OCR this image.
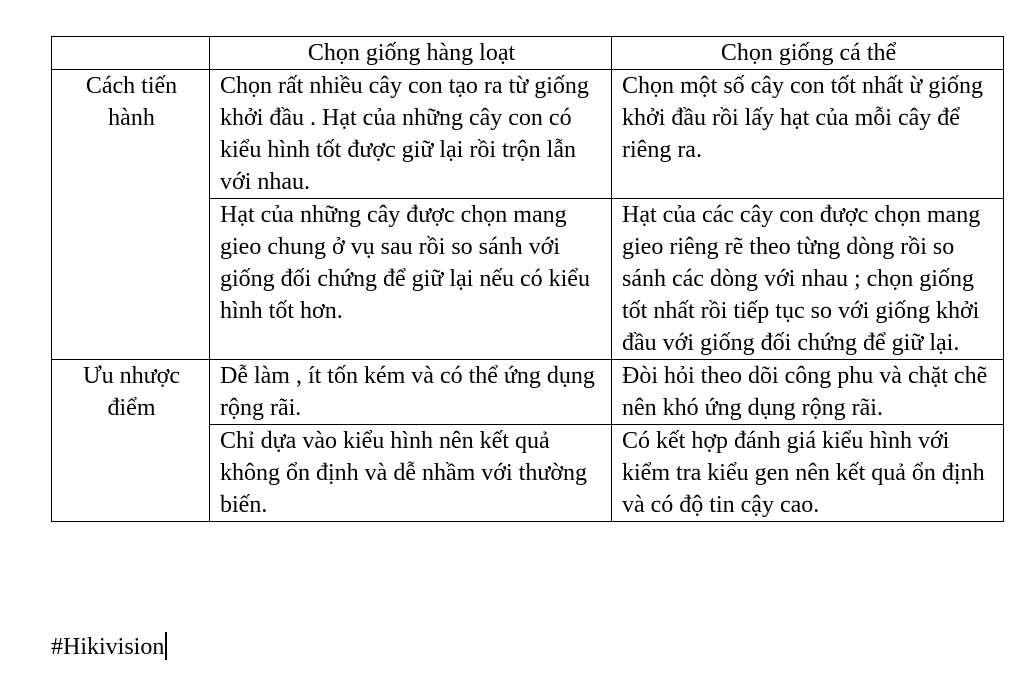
	Chọn giống hàng loạt	Chọn giống cá thể

Cách tiến
hành	Chọn rất nhiều cây con tạo ra từ giống khởi đầu . Hạt của những cây con có kiểu hình tốt được giữ lại rồi trộn lẫn với nhau.	Chọn một số cây con tốt nhất ừ giống khởi đầu rồi lấy hạt của mỗi cây để riêng ra.
	Hạt của những cây được chọn mang gieo chung ở vụ sau rồi so sánh với giống đối chứng để giữ lại nếu có kiểu hình tốt hơn.	Hạt của các cây con được chọn mang gieo riêng rẽ theo từng dòng rồi so sánh các dòng với nhau ; chọn giống tốt nhất rồi tiếp tục so với giống khởi đầu với giống đối chứng để giữ lại.

Ưu nhược
điểm	Dễ làm , ít tốn kém và có thể ứng dụng rộng rãi.	Đòi hỏi theo dõi công phu và chặt chẽ nên khó ứng dụng rộng rãi.
	Chỉ dựa vào kiểu hình nên kết quả không ổn định và dễ nhầm với thường biến.	Có kết hợp đánh giá kiểu hình với kiểm tra kiểu gen nên kết quả ổn định và có độ tin cậy cao.
#Hikivision
